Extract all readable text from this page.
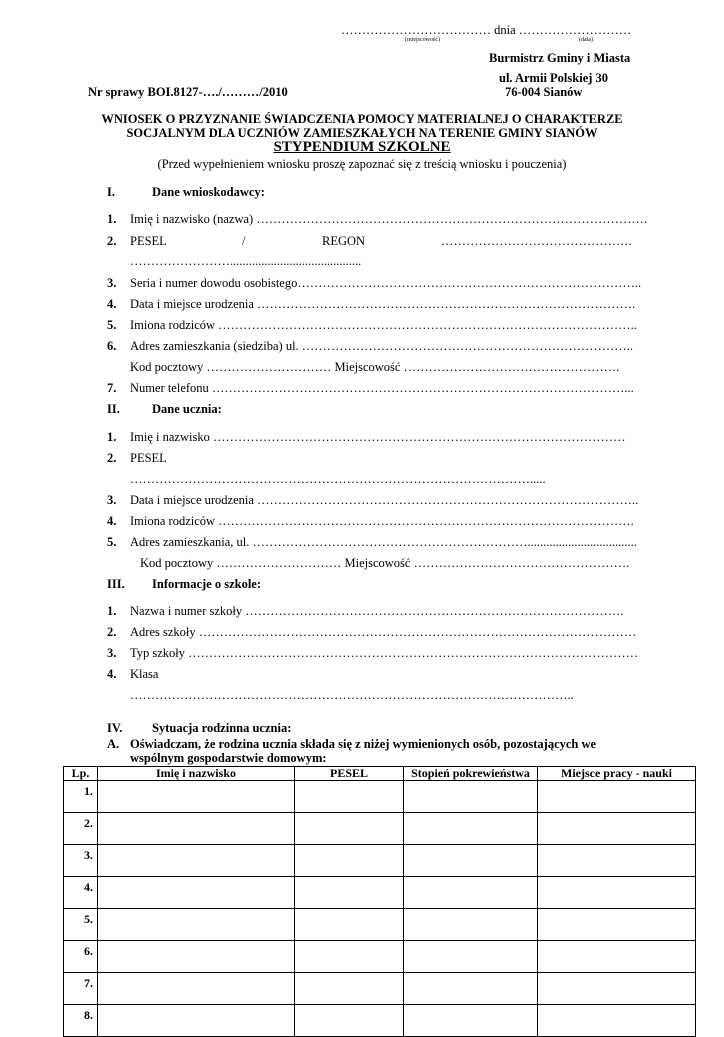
……………………………… dnia ………………………
(miejscowość)	(data)
Burmistrz Gminy i Miasta
ul. Armii Polskiej 30
76-004 Sianów
Nr sprawy BOI.8127-…./………/2010
WNIOSEK O PRZYZNANIE ŚWIADCZENIA POMOCY MATERIALNEJ O CHARAKTERZE
SOCJALNYM DLA UCZNIÓW ZAMIESZKAŁYCH NA TERENIE GMINY SIANÓW
STYPENDIUM SZKOLNE
(Przed wypełnieniem wniosku proszę zapoznać się z treścią wniosku i pouczenia)
I.	Dane wnioskodawcy:
1.	Imię i nazwisko (nazwa) ………………………………………………………………………………….
2.	PESEL	/	REGON	……………………………………….
……………………..........................................
3.	Seria i numer dowodu osobistego………………………………………………………………………..
4.	Data i miejsce urodzenia ……………………………………………………………………………….
5.	Imiona rodziców ………………………………………………………………………………………..
6.	Adres zamieszkania (siedziba) ul. ……………………………………………………………………..
Kod pocztowy ………………………… Miejscowość …………………………………………….
7.	Numer telefonu ………………………………………………………………………………………...
II.	Dane ucznia:
1.	Imię i nazwisko ………………………………………………………………………………………
2.	PESEL
…………………………………………………………………………………….....
3.	Data i miejsce urodzenia ………………………………………………………………………………..
4.	Imiona rodziców ……………………………………………………………………………………….
5.	Adres zamieszkania, ul. …………………………………………………………...................................
Kod pocztowy ………………………… Miejscowość …………………………………………….
III. Informacje o szkole:
1.	Nazwa i numer szkoły ……………………………………………………………………………….
2.	Adres szkoły ……………………………………………………………………………………………
3.	Typ szkoły ………………………………………………………………………………………………
4.	Klasa
……………………………………………………………………………………………..
IV. Sytuacja rodzinna ucznia:
A. Oświadczam, że rodzina ucznia składa się z niżej wymienionych osób, pozostających we
wspólnym gospodarstwie domowym:
Lp.	Imię i nazwisko	PESEL	Stopień pokrewieństwa	Miejsce pracy - nauki
1.				
2.				
3.				
4.				
5.				
6.				
7.				
8.				
